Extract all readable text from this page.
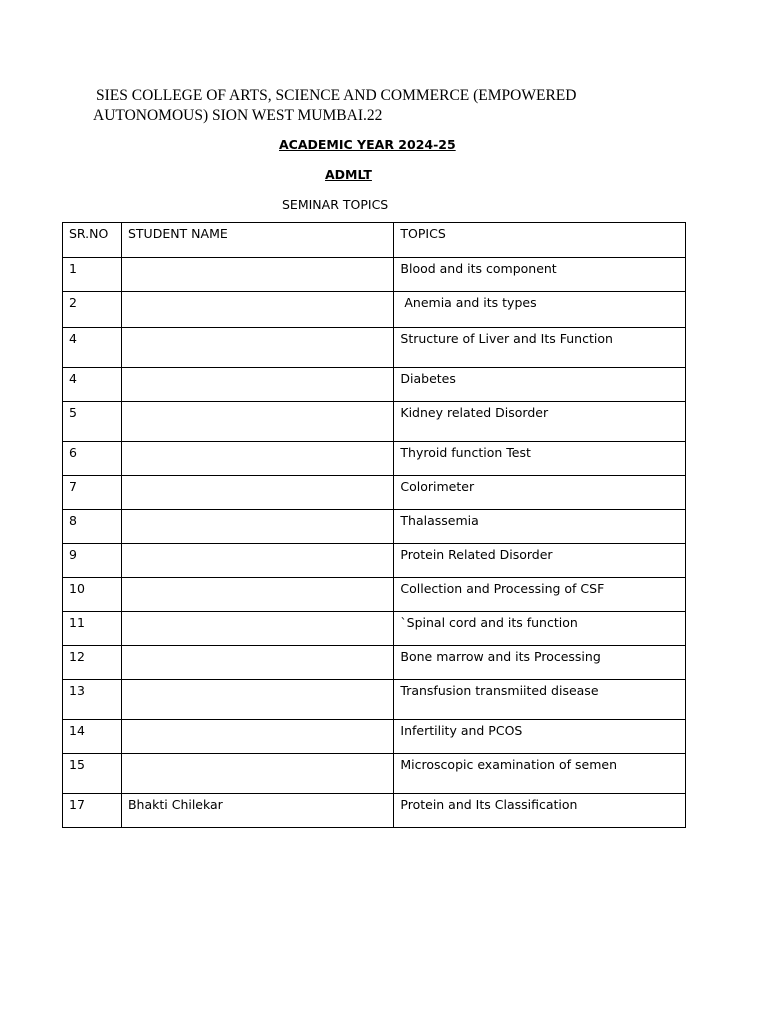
SIES COLLEGE OF ARTS, SCIENCE AND COMMERCE (EMPOWERED
AUTONOMOUS) SION WEST MUMBAI.22
ACADEMIC YEAR 2024-25
ADMLT
SEMINAR TOPICS
SR.NO	STUDENT NAME	TOPICS
1		Blood and its component
2		Anemia and its types
4		Structure of Liver and Its Function
4		Diabetes
5		Kidney related Disorder
6		Thyroid function Test
7		Colorimeter
8		Thalassemia
9		Protein Related Disorder
10		Collection and Processing of CSF
11		`Spinal cord and its function
12		Bone marrow and its Processing
13		Transfusion transmiited disease
14		Infertility and PCOS
15		Microscopic examination of semen
17	Bhakti Chilekar	Protein and Its Classification
